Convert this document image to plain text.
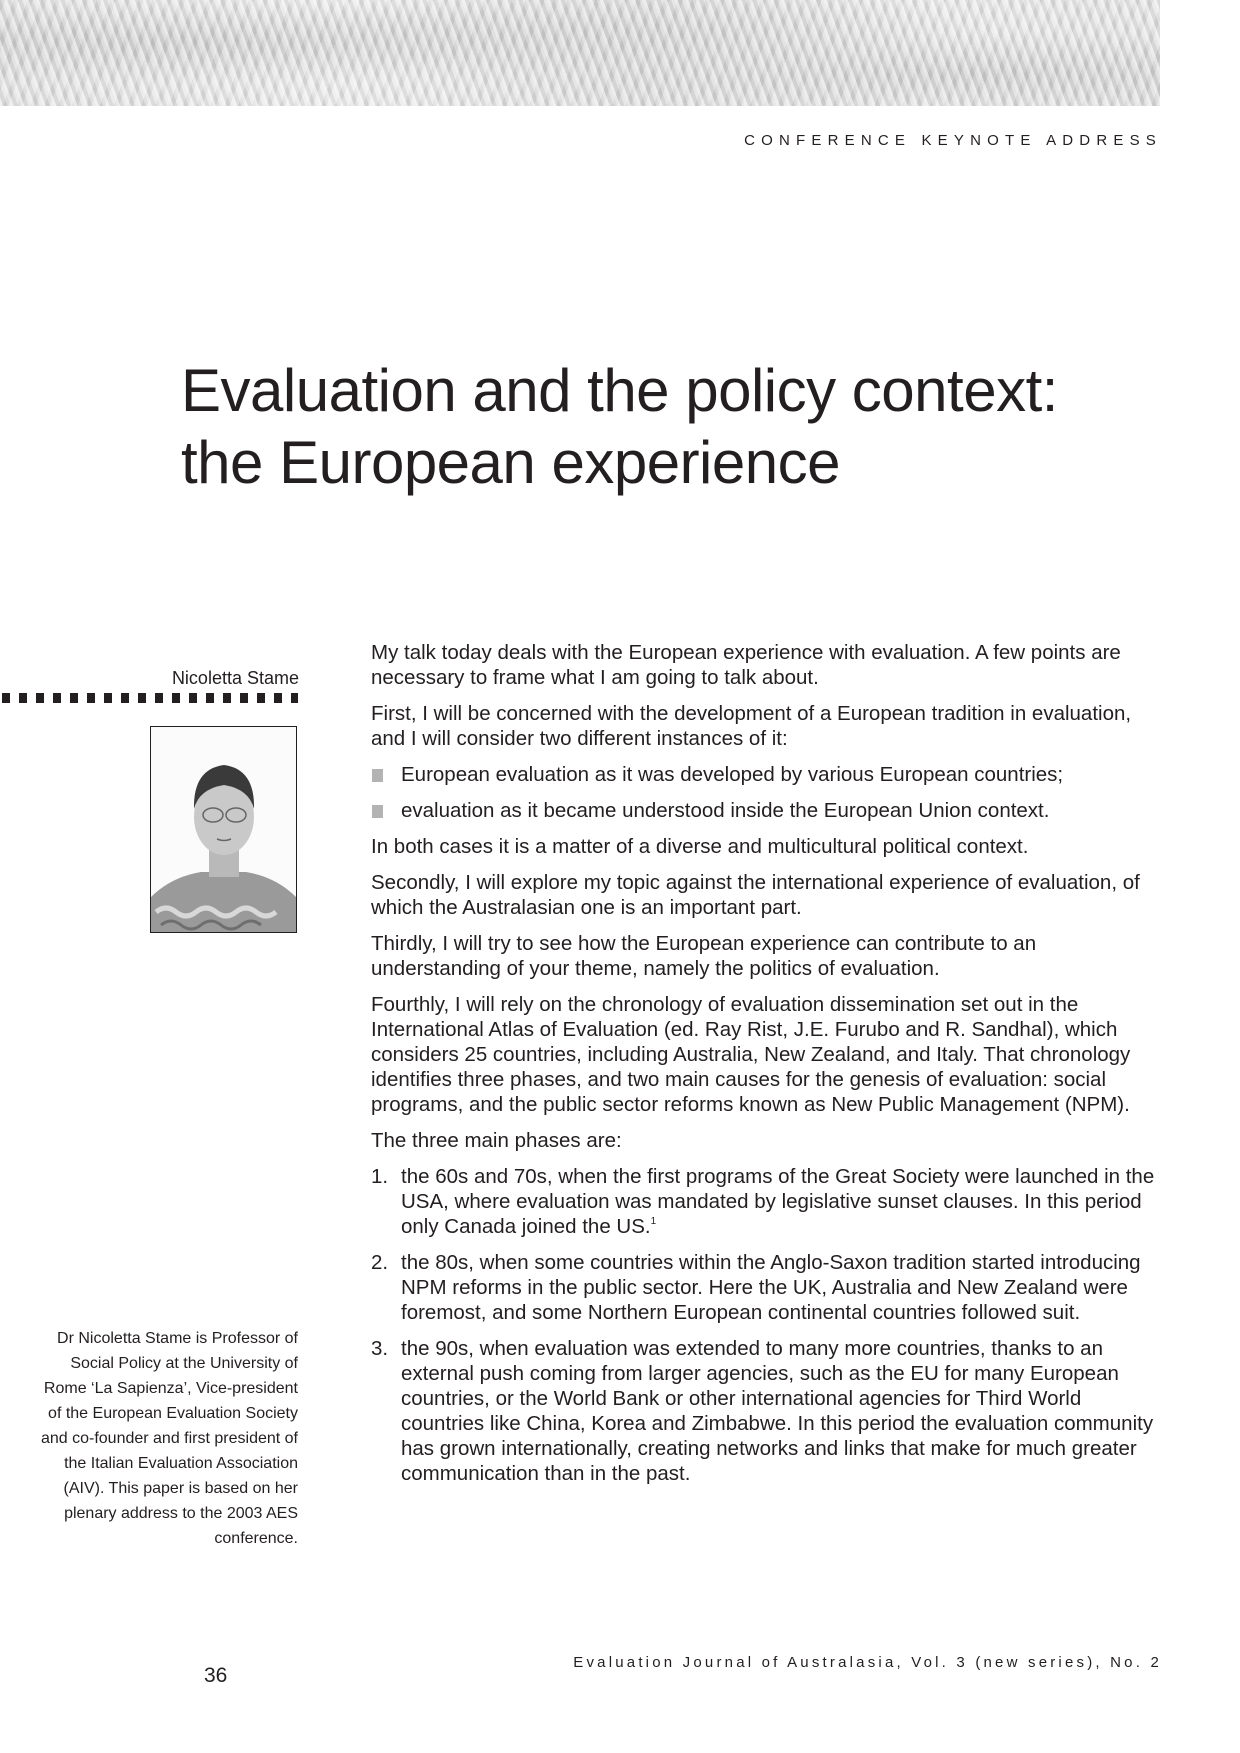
CONFERENCE KEYNOTE ADDRESS
Evaluation and the policy context:
the European experience
Nicoletta Stame
Dr Nicoletta Stame is Professor of Social Policy at the University of Rome ‘La Sapienza’, Vice-president of the European Evaluation Society and co-founder and first president of the Italian Evaluation Association (AIV). This paper is based on her plenary address to the 2003 AES conference.

My talk today deals with the European experience with evaluation. A few points are necessary to frame what I am going to talk about.

First, I will be concerned with the development of a European tradition in evaluation, and I will consider two different instances of it:

European evaluation as it was developed by various European countries;
evaluation as it became understood inside the European Union context.

In both cases it is a matter of a diverse and multicultural political context.

Secondly, I will explore my topic against the international experience of evaluation, of which the Australasian one is an important part.

Thirdly, I will try to see how the European experience can contribute to an understanding of your theme, namely the politics of evaluation.

Fourthly, I will rely on the chronology of evaluation dissemination set out in the International Atlas of Evaluation (ed. Ray Rist, J.E. Furubo and R. Sandhal), which considers 25 countries, including Australia, New Zealand, and Italy. That chronology identifies three phases, and two main causes for the genesis of evaluation: social programs, and the public sector reforms known as New Public Management (NPM).

The three main phases are:

1. the 60s and 70s, when the first programs of the Great Society were launched in the USA, where evaluation was mandated by legislative sunset clauses. In this period only Canada joined the US.$^1$
2. the 80s, when some countries within the Anglo-Saxon tradition started introducing NPM reforms in the public sector. Here the UK, Australia and New Zealand were foremost, and some Northern European continental countries followed suit.
3. the 90s, when evaluation was extended to many more countries, thanks to an external push coming from larger agencies, such as the EU for many European countries, or the World Bank or other international agencies for Third World countries like China, Korea and Zimbabwe. In this period the evaluation community has grown internationally, creating networks and links that make for much greater communication than in the past.
36
Evaluation Journal of Australasia, Vol. 3 (new series), No. 2
